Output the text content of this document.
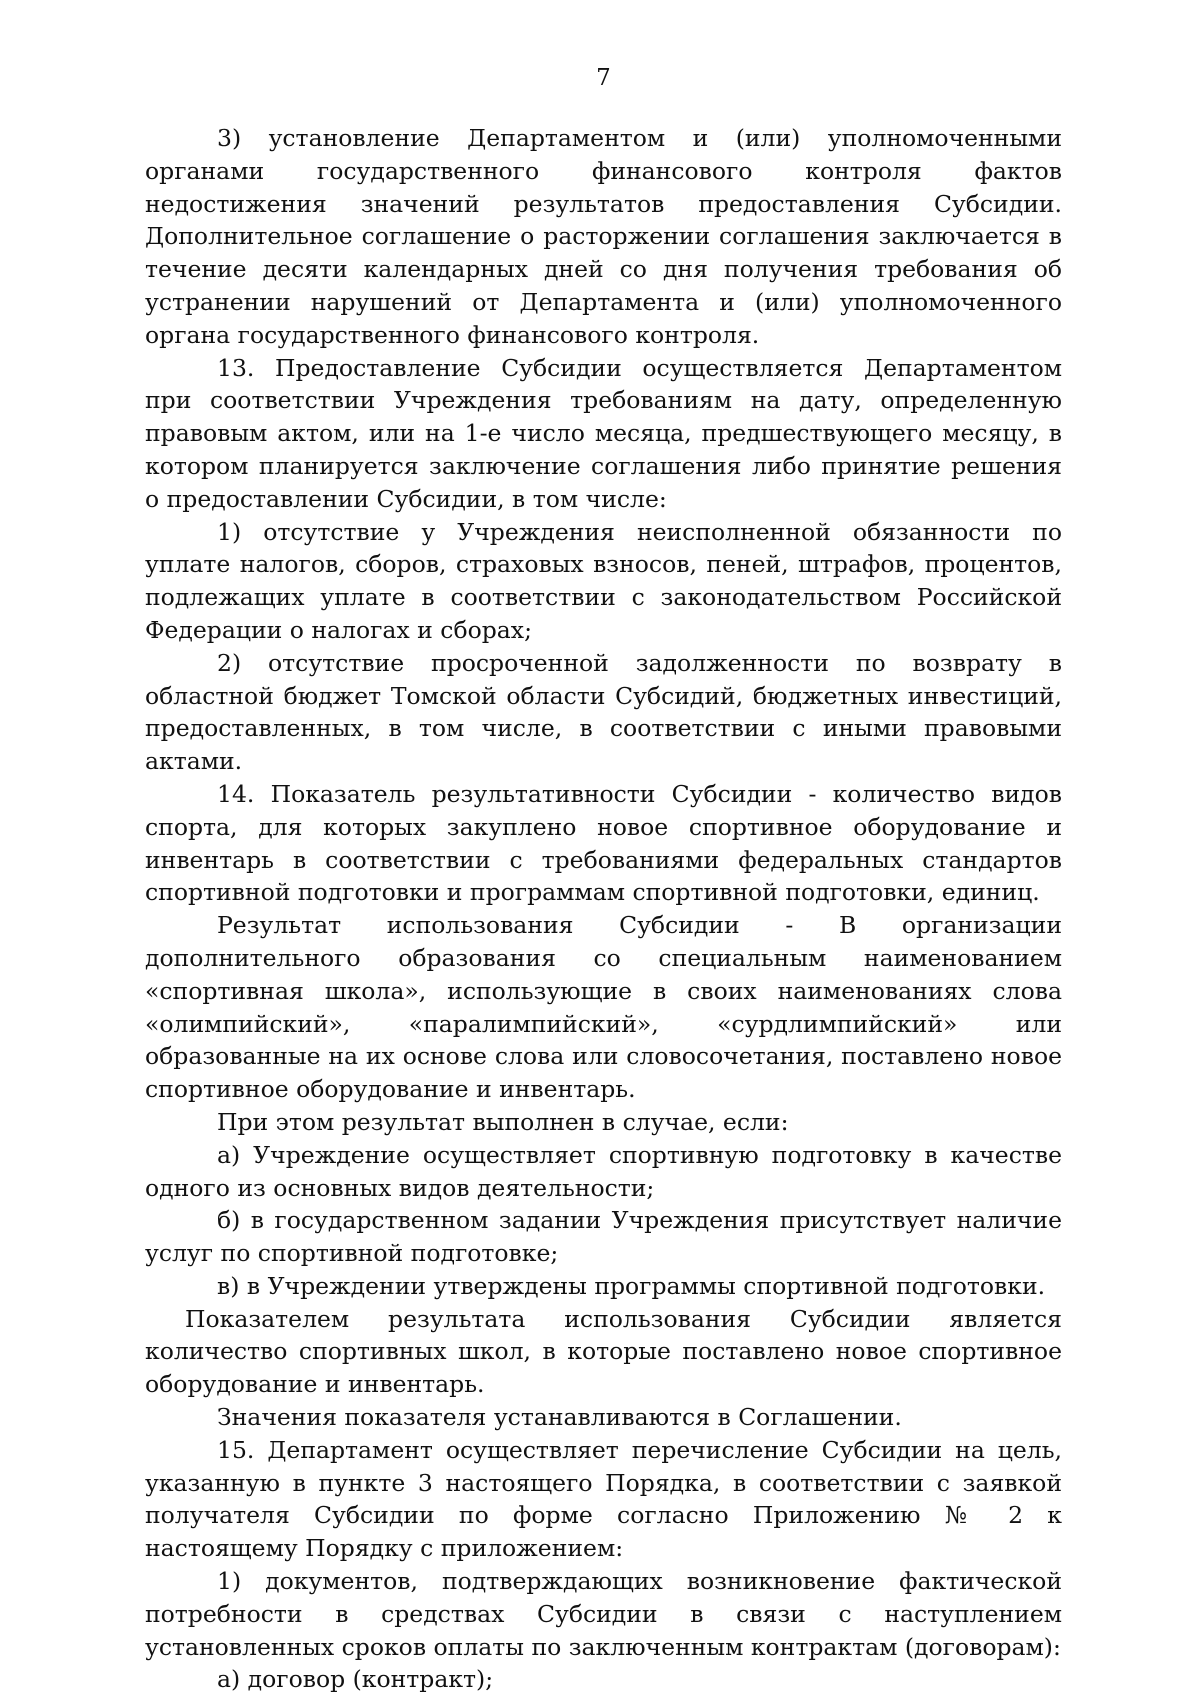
7

3) установление Департаментом и (или) уполномоченными органами государственного финансового контроля фактов недостижения значений результатов предоставления Субсидии. Дополнительное соглашение о расторжении соглашения заключается в течение десяти календарных дней со дня получения требования об устранении нарушений от Департамента и (или) уполномоченного органа государственного финансового контроля.

13. Предоставление Субсидии осуществляется Департаментом при соответствии Учреждения требованиям на дату, определенную правовым актом, или на 1-е число месяца, предшествующего месяцу, в котором планируется заключение соглашения либо принятие решения о предоставлении Субсидии, в том числе:

1) отсутствие у Учреждения неисполненной обязанности по уплате налогов, сборов, страховых взносов, пеней, штрафов, процентов, подлежащих уплате в соответствии с законодательством Российской Федерации о налогах и сборах;

2) отсутствие просроченной задолженности по возврату в областной бюджет Томской области Субсидий, бюджетных инвестиций, предоставленных, в том числе, в соответствии с иными правовыми актами.

14. Показатель результативности Субсидии - количество видов спорта, для которых закуплено новое спортивное оборудование и инвентарь в соответствии с требованиями федеральных стандартов спортивной подготовки и программам спортивной подготовки, единиц.

Результат использования Субсидии - В организации дополнительного образования со специальным наименованием «спортивная школа», использующие в своих наименованиях слова «олимпийский», «паралимпийский», «сурдлимпийский» или образованные на их основе слова или словосочетания, поставлено новое спортивное оборудование и инвентарь.

При этом результат выполнен в случае, если:

а) Учреждение осуществляет спортивную подготовку в качестве одного из основных видов деятельности;

б) в государственном задании Учреждения присутствует наличие услуг по спортивной подготовке;

в) в Учреждении утверждены программы спортивной подготовки.

Показателем результата использования Субсидии является количество спортивных школ, в которые поставлено новое спортивное оборудование и инвентарь.

Значения показателя устанавливаются в Соглашении.

15. Департамент осуществляет перечисление Субсидии на цель, указанную в пункте 3 настоящего Порядка, в соответствии с заявкой получателя Субсидии по форме согласно Приложению № 2 к настоящему Порядку с приложением:

1) документов, подтверждающих возникновение фактической потребности в средствах Субсидии в связи с наступлением установленных сроков оплаты по заключенным контрактам (договорам):

а) договор (контракт);
